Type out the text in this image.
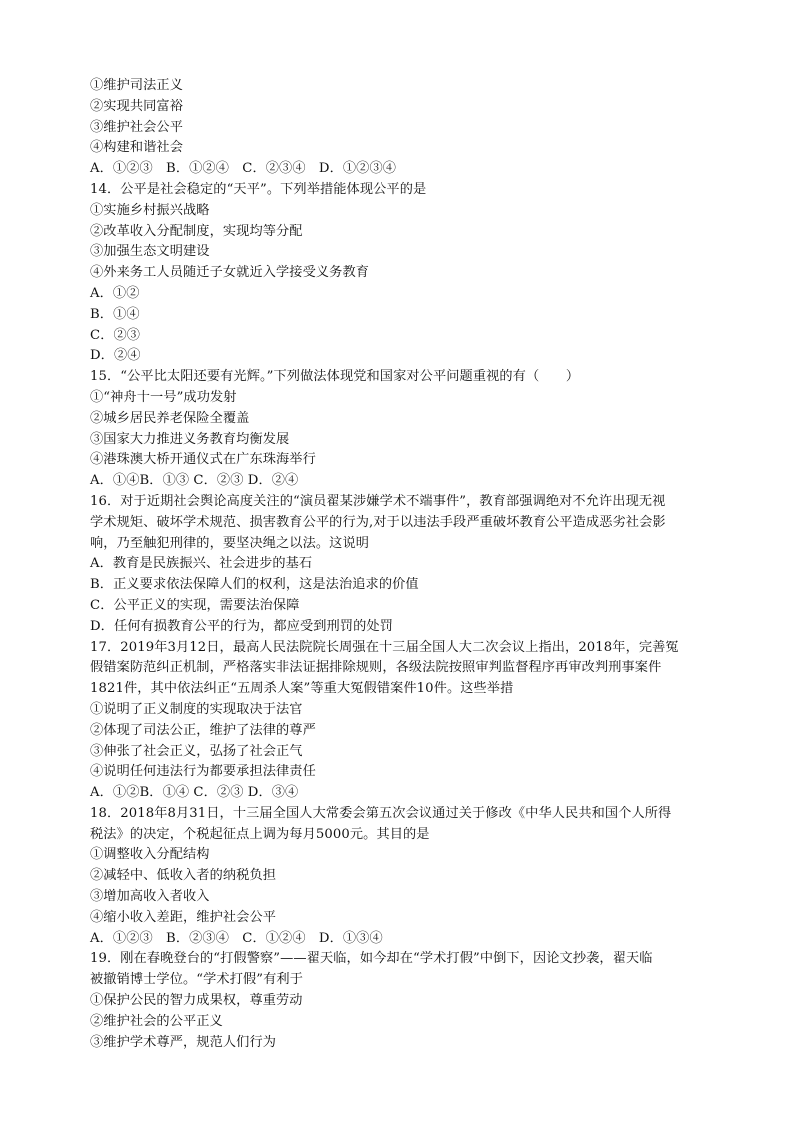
①维护司法正义
②实现共同富裕
③维护社会公平
④构建和谐社会
A．①②③　B．①②④　C．②③④　D．①②③④
14．公平是社会稳定的“天平”。下列举措能体现公平的是
①实施乡村振兴战略
②改革收入分配制度，实现均等分配
③加强生态文明建设
④外来务工人员随迁子女就近入学接受义务教育
A．①②
B．①④
C．②③
D．②④
15．“公平比太阳还要有光辉。”下列做法体现党和国家对公平问题重视的有（　　）
①“神舟十一号”成功发射
②城乡居民养老保险全覆盖
③国家大力推进义务教育均衡发展
④港珠澳大桥开通仪式在广东珠海举行
A．①④B．①③ C．②③ D．②④
16．对于近期社会舆论高度关注的“演员翟某涉嫌学术不端事件”，教育部强调绝对不允许出现无视
学术规矩、破坏学术规范、损害教育公平的行为,对于以违法手段严重破坏教育公平造成恶劣社会影
响，乃至触犯刑律的，要坚决绳之以法。这说明
A．教育是民族振兴、社会进步的基石
B．正义要求依法保障人们的权利，这是法治追求的价值
C．公平正义的实现，需要法治保障
D．任何有损教育公平的行为，都应受到刑罚的处罚
17．2019年3月12日，最高人民法院院长周强在十三届全国人大二次会议上指出，2018年，完善冤
假错案防范纠正机制，严格落实非法证据排除规则，各级法院按照审判监督程序再审改判刑事案件
1821件，其中依法纠正“五周杀人案”等重大冤假错案件10件。这些举措
①说明了正义制度的实现取决于法官
②体现了司法公正，维护了法律的尊严
③伸张了社会正义，弘扬了社会正气
④说明任何违法行为都要承担法律责任
A．①②B．①④ C．②③ D．③④
18．2018年8月31日，十三届全国人大常委会第五次会议通过关于修改《中华人民共和国个人所得
税法》的决定，个税起征点上调为每月5000元。其目的是
①调整收入分配结构
②减轻中、低收入者的纳税负担
③增加高收入者收入
④缩小收入差距，维护社会公平
A．①②③　B．②③④　C．①②④　D．①③④
19．刚在春晚登台的“打假警察”——翟天临，如今却在“学术打假”中倒下，因论文抄袭，翟天临
被撤销博士学位。“学术打假”有利于
①保护公民的智力成果权，尊重劳动
②维护社会的公平正义
③维护学术尊严，规范人们行为
